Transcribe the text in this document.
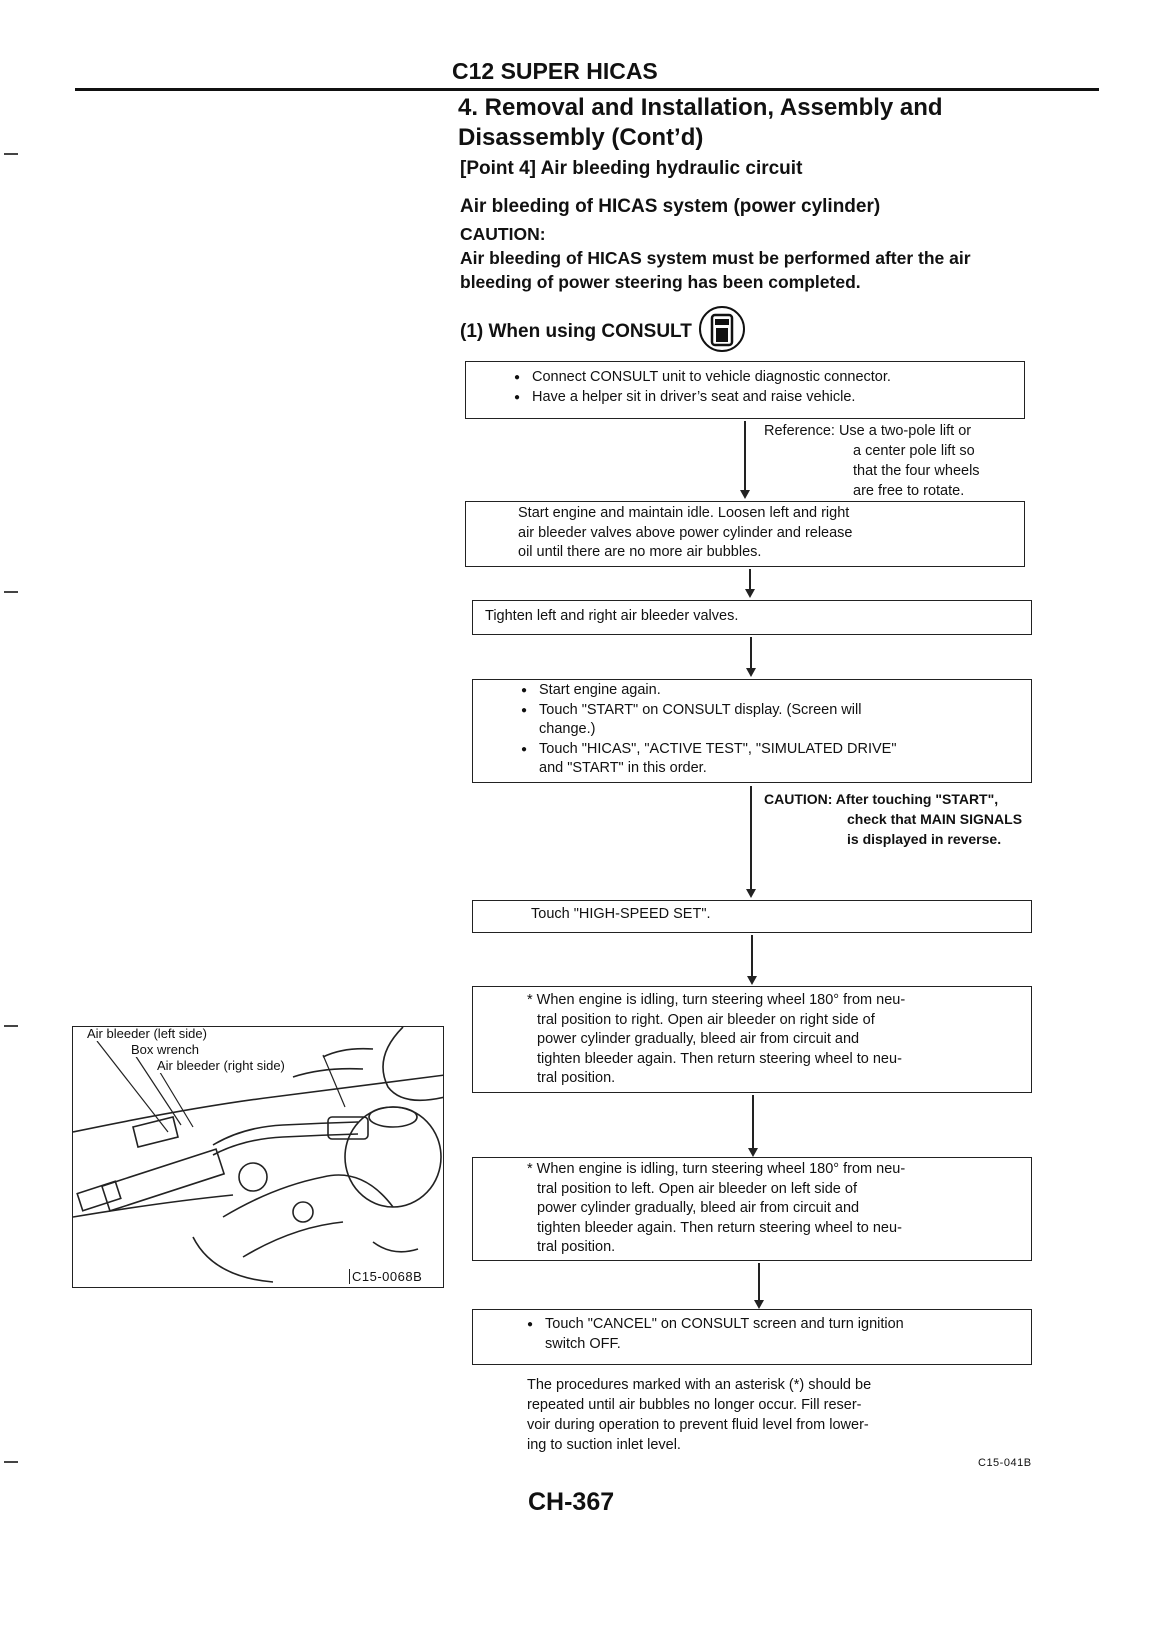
C12 SUPER HICAS
4. Removal and Installation, Assembly and
Disassembly (Cont’d)
[Point 4] Air bleeding hydraulic circuit
Air bleeding of HICAS system (power cylinder)
CAUTION:
Air bleeding of HICAS system must be performed after the air
bleeding of power steering has been completed.
(1) When using CONSULT
● Connect CONSULT unit to vehicle diagnostic connector.
● Have a helper sit in driver’s seat and raise vehicle.
Reference: Use a two-pole lift or
a center pole lift so
that the four wheels
are free to rotate.
Start engine and maintain idle. Loosen left and right
air bleeder valves above power cylinder and release
oil until there are no more air bubbles.
Tighten left and right air bleeder valves.
● Start engine again.
● Touch "START" on CONSULT display. (Screen will
change.)
● Touch "HICAS", "ACTIVE TEST", "SIMULATED DRIVE"
and "START" in this order.
CAUTION: After touching "START",
check that MAIN SIGNALS
is displayed in reverse.
Touch "HIGH-SPEED SET".
* When engine is idling, turn steering wheel 180° from neu-
tral position to right. Open air bleeder on right side of
power cylinder gradually, bleed air from circuit and
tighten bleeder again. Then return steering wheel to neu-
tral position.
* When engine is idling, turn steering wheel 180° from neu-
tral position to left. Open air bleeder on left side of
power cylinder gradually, bleed air from circuit and
tighten bleeder again. Then return steering wheel to neu-
tral position.
● Touch "CANCEL" on CONSULT screen and turn ignition
switch OFF.
The procedures marked with an asterisk (*) should be
repeated until air bubbles no longer occur. Fill reser-
voir during operation to prevent fluid level from lower-
ing to suction inlet level.
C15-041B
Air bleeder (left side)
Box wrench
Air bleeder (right side)
C15-0068B
CH-367
